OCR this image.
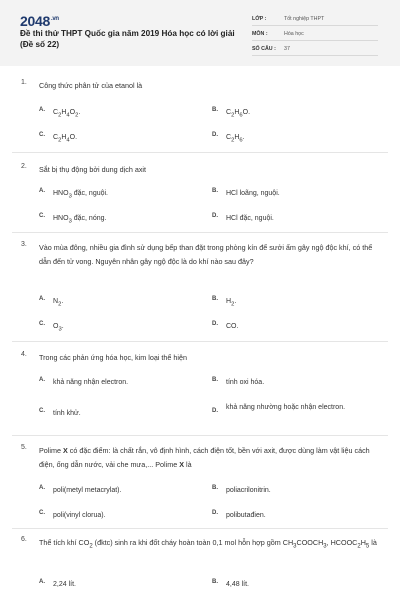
$2048^{.vn}$
Đề thi thử THPT Quốc gia năm 2019 Hóa học có lời giải (Đề số 22)
LỚP :	Tốt nghiệp THPT
MÔN :	Hóa học
SỐ CÂU : 37
1. Công thức phân tử của etanol là
A. $C_2H_4O_2$.	B. $C_2H_6O$.
C. $C_2H_4O$.	D. $C_2H_6$.
2. Sắt bị thụ động bởi dung dịch axit
A. $HNO_3$ đặc, nguội.	B. HCl loãng, nguội.
C. $HNO_3$ đặc, nóng.	D. HCl đặc, nguội.
3. Vào mùa đông, nhiều gia đình sử dụng bếp than đặt trong phòng kín để sưởi ấm gây ngộ độc khí, có thể dẫn đến tử vong. Nguyên nhân gây ngộ độc là do khí nào sau đây?
A. $N_2$.	B. $H_2$.
C. $O_3$.	D. CO.
4. Trong các phản ứng hóa học, kim loại thể hiện
A. khả năng nhận electron.	B. tính oxi hóa.
C. tính khử.	D. khả năng nhường hoặc nhận electron.
5. Polime X có đặc điểm: là chất rắn, vô định hình, cách điện tốt, bền với axit, được dùng làm vật liệu cách điện, ống dẫn nước, vải che mưa,... Polime X là
A. poli(metyl metacrylat).	B. poliacrilonitrin.
C. poli(vinyl clorua).	D. polibutađien.
6. Thể tích khí $CO_2$ (đktc) sinh ra khi đốt cháy hoàn toàn 0,1 mol hỗn hợp gồm $CH_3COOCH_3$, $HCOOC_2H_5$ là
A. 2,24 lít.	B. 4,48 lít.
